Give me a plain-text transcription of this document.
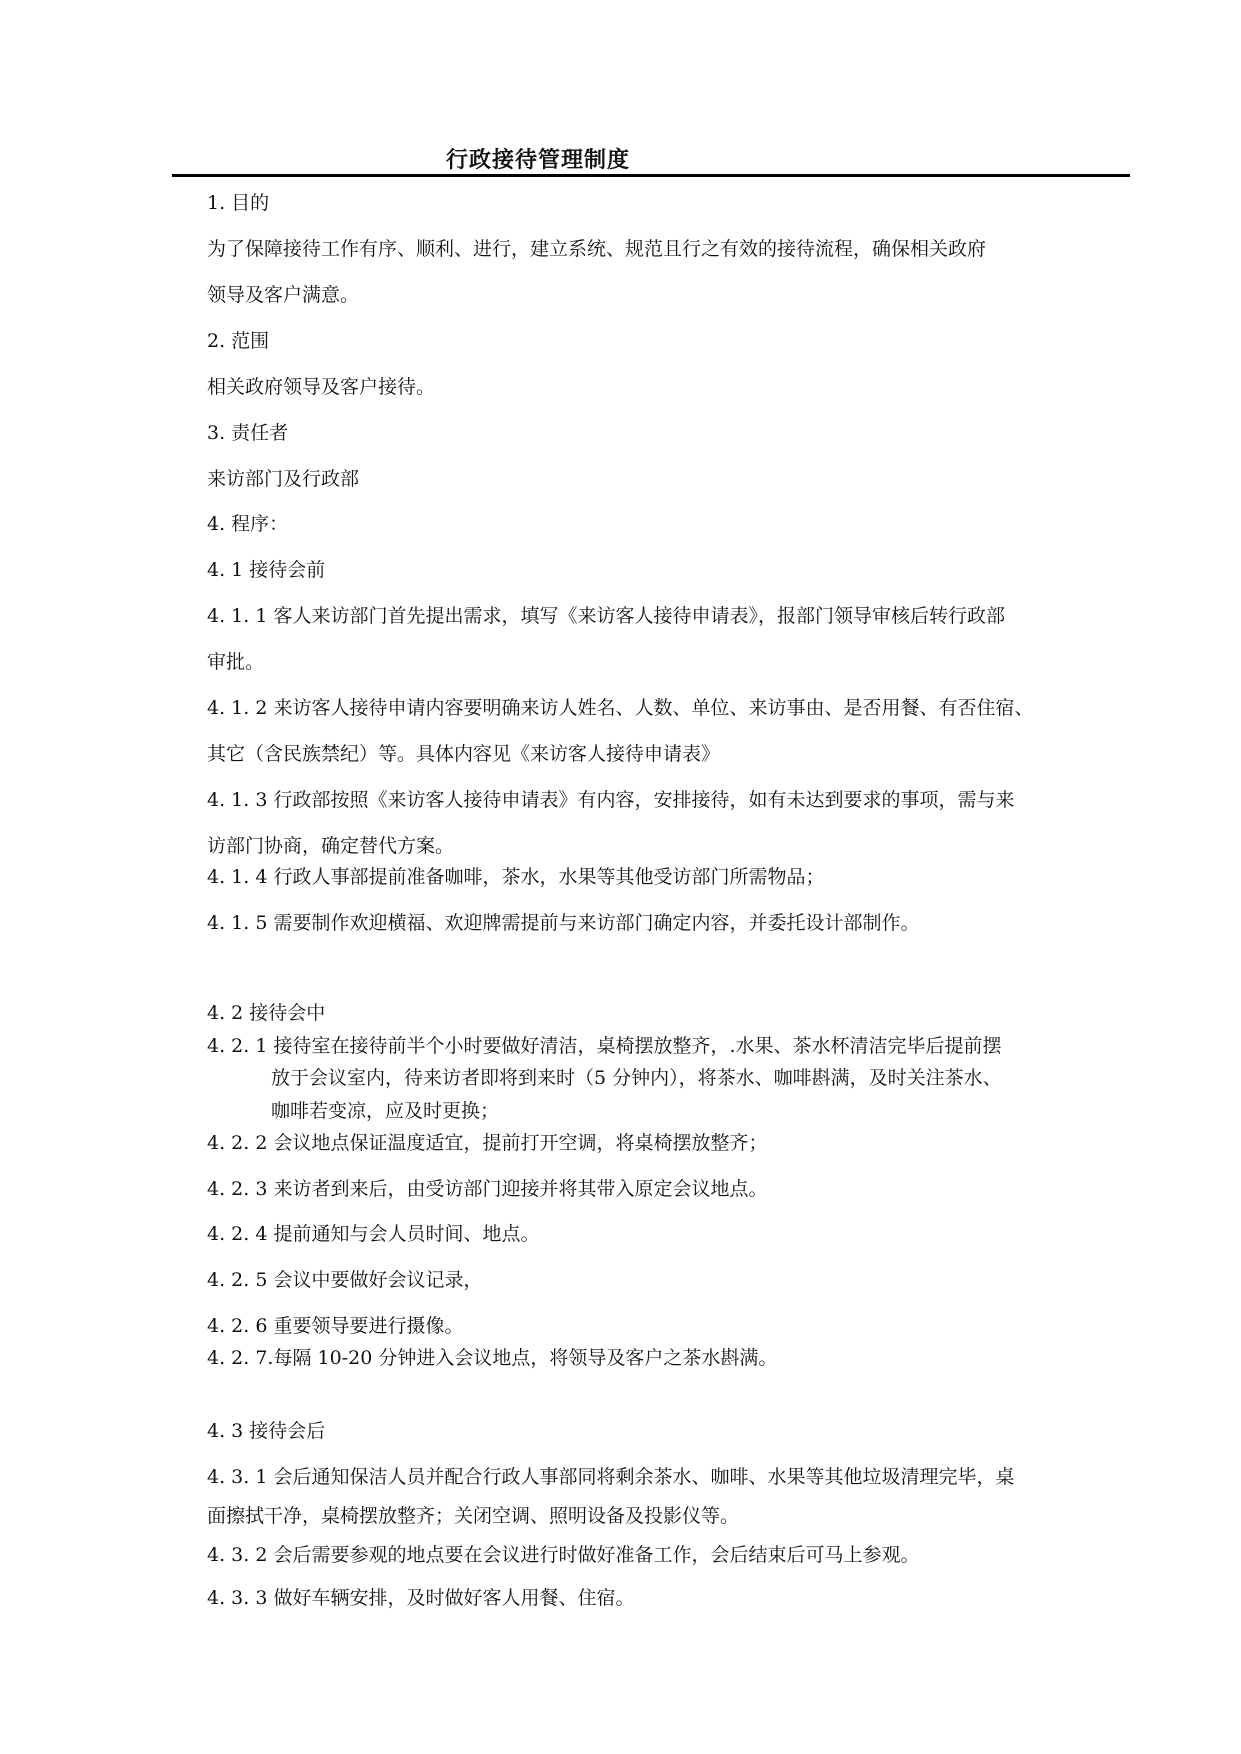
行政接待管理制度
1. 目的
为了保障接待工作有序、顺利、进行，建立系统、规范且行之有效的接待流程，确保相关政府
领导及客户满意。
2. 范围
相关政府领导及客户接待。
3. 责任者
来访部门及行政部
4. 程序：
4. 1 接待会前
4. 1. 1 客人来访部门首先提出需求，填写《来访客人接待申请表》，报部门领导审核后转行政部
审批。
4. 1. 2 来访客人接待申请内容要明确来访人姓名、人数、单位、来访事由、是否用餐、有否住宿、
其它（含民族禁纪）等。具体内容见《来访客人接待申请表》
4. 1. 3 行政部按照《来访客人接待申请表》有内容，安排接待，如有未达到要求的事项，需与来
访部门协商，确定替代方案。
4. 1. 4 行政人事部提前准备咖啡，茶水，水果等其他受访部门所需物品；
4. 1. 5 需要制作欢迎横福、欢迎牌需提前与来访部门确定内容，并委托设计部制作。
4. 2 接待会中
4. 2. 1 接待室在接待前半个小时要做好清洁，桌椅摆放整齐，.水果、茶水杯清洁完毕后提前摆
放于会议室内，待来访者即将到来时（5 分钟内），将茶水、咖啡斟满，及时关注茶水、
咖啡若变凉，应及时更换；
4. 2. 2 会议地点保证温度适宜，提前打开空调，将桌椅摆放整齐；
4. 2. 3 来访者到来后，由受访部门迎接并将其带入原定会议地点。
4. 2. 4 提前通知与会人员时间、地点。
4. 2. 5 会议中要做好会议记录，
4. 2. 6 重要领导要进行摄像。
4. 2. 7.每隔 10-20 分钟进入会议地点，将领导及客户之茶水斟满。
4. 3 接待会后
4. 3. 1 会后通知保洁人员并配合行政人事部同将剩余茶水、咖啡、水果等其他垃圾清理完毕，桌
面擦拭干净，桌椅摆放整齐；关闭空调、照明设备及投影仪等。
4. 3. 2 会后需要参观的地点要在会议进行时做好准备工作，会后结束后可马上参观。
4. 3. 3 做好车辆安排，及时做好客人用餐、住宿。
